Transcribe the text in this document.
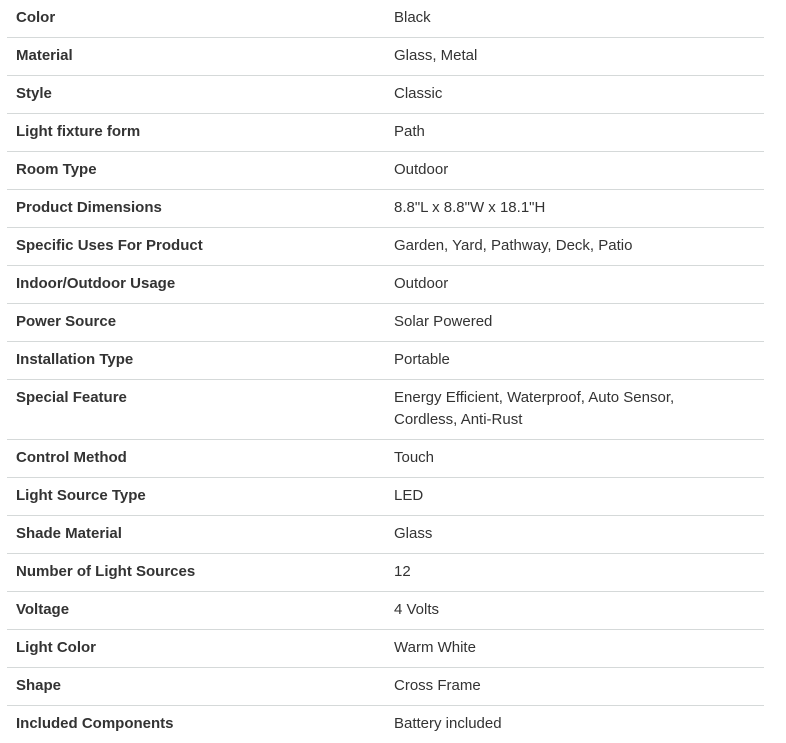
Color	Black
Material	Glass, Metal
Style	Classic
Light fixture form	Path
Room Type	Outdoor
Product Dimensions	8.8"L x 8.8"W x 18.1"H
Specific Uses For Product	Garden, Yard, Pathway, Deck, Patio
Indoor/Outdoor Usage	Outdoor
Power Source	Solar Powered
Installation Type	Portable
Special Feature	Energy Efficient, Waterproof, Auto Sensor, Cordless, Anti-Rust
Control Method	Touch
Light Source Type	LED
Shade Material	Glass
Number of Light Sources	12
Voltage	4 Volts
Light Color	Warm White
Shape	Cross Frame
Included Components	Battery included
